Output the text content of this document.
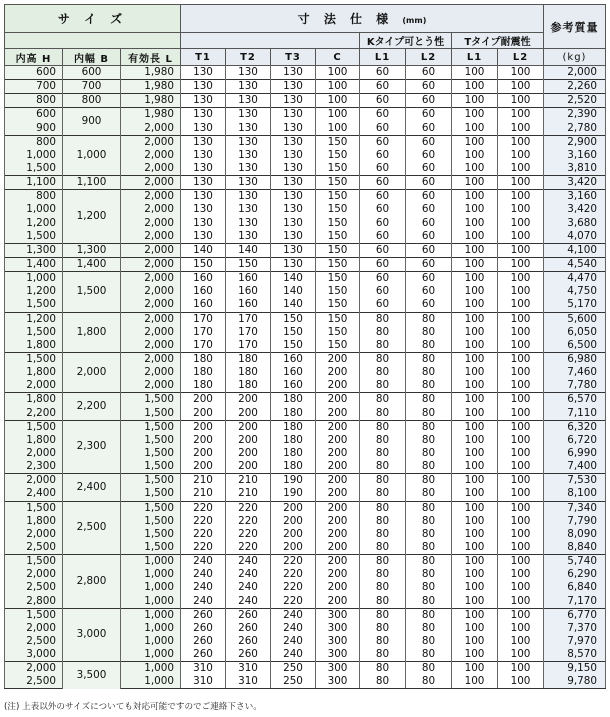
サ イ ズ			寸 法 仕 様 (mm)								参考質量
							Kタイプ可とう性		Tタイプ耐震性		
内高 H	内幅 B	有効長 L	T1	T2	T3	C	L1	L2	L1	L2	(kg)
600	600	1,980	130	130	130	100	60	60	100	100	2,000
700	700	1,980	130	130	130	100	60	60	100	100	2,260
800	800	1,980	130	130	130	100	60	60	100	100	2,520
600	900	1,980	130	130	130	100	60	60	100	100	2,390
900		2,000	130	130	130	100	60	60	100	100	2,780
800	1,000	2,000	130	130	130	150	60	60	100	100	2,900
1,000		2,000	130	130	130	150	60	60	100	100	3,160
1,500		2,000	130	130	130	150	60	60	100	100	3,810
1,100	1,100	2,000	130	130	130	150	60	60	100	100	3,420
800	1,200	2,000	130	130	130	150	60	60	100	100	3,160
1,000		2,000	130	130	130	150	60	60	100	100	3,420
1,200		2,000	130	130	130	150	60	60	100	100	3,680
1,500		2,000	130	130	130	150	60	60	100	100	4,070
1,300	1,300	2,000	140	140	130	150	60	60	100	100	4,100
1,400	1,400	2,000	150	150	130	150	60	60	100	100	4,540
1,000	1,500	2,000	160	160	140	150	60	60	100	100	4,470
1,200		2,000	160	160	140	150	60	60	100	100	4,750
1,500		2,000	160	160	140	150	60	60	100	100	5,170
1,200	1,800	2,000	170	170	150	150	80	80	100	100	5,600
1,500		2,000	170	170	150	150	80	80	100	100	6,050
1,800		2,000	170	170	150	150	80	80	100	100	6,500
1,500	2,000	2,000	180	180	160	200	80	80	100	100	6,980
1,800		2,000	180	180	160	200	80	80	100	100	7,460
2,000		2,000	180	180	160	200	80	80	100	100	7,780
1,800	2,200	1,500	200	200	180	200	80	80	100	100	6,570
2,200		1,500	200	200	180	200	80	80	100	100	7,110
1,500	2,300	1,500	200	200	180	200	80	80	100	100	6,320
1,800		1,500	200	200	180	200	80	80	100	100	6,720
2,000		1,500	200	200	180	200	80	80	100	100	6,990
2,300		1,500	200	200	180	200	80	80	100	100	7,400
2,000	2,400	1,500	210	210	190	200	80	80	100	100	7,530
2,400		1,500	210	210	190	200	80	80	100	100	8,100
1,500	2,500	1,500	220	220	200	200	80	80	100	100	7,340
1,800		1,500	220	220	200	200	80	80	100	100	7,790
2,000		1,500	220	220	200	200	80	80	100	100	8,090
2,500		1,500	220	220	200	200	80	80	100	100	8,840
1,500	2,800	1,000	240	240	220	200	80	80	100	100	5,740
2,000		1,000	240	240	220	200	80	80	100	100	6,290
2,500		1,000	240	240	220	200	80	80	100	100	6,840
2,800		1,000	240	240	220	200	80	80	100	100	7,170
1,500	3,000	1,000	260	260	240	300	80	80	100	100	6,770
2,000		1,000	260	260	240	300	80	80	100	100	7,370
2,500		1,000	260	260	240	300	80	80	100	100	7,970
3,000		1,000	260	260	240	300	80	80	100	100	8,570
2,000	3,500	1,000	310	310	250	300	80	80	100	100	9,150
2,500		1,000	310	310	250	300	80	80	100	100	9,780
(注) 上表以外のサイズについても対応可能ですのでご連絡下さい。
